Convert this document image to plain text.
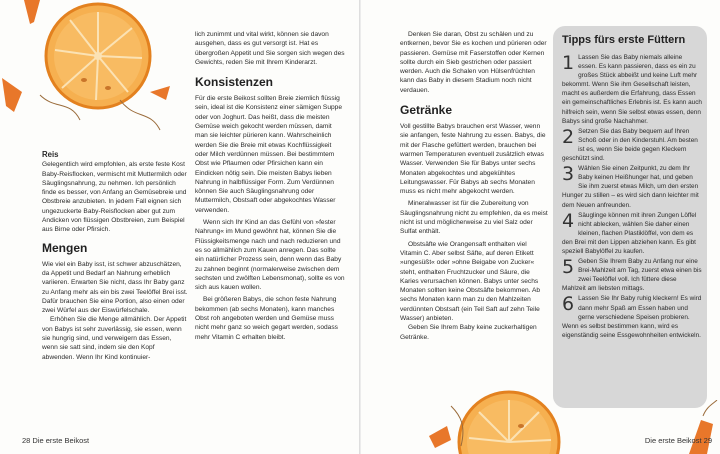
Reis

Gelegentlich wird empfohlen, als erste feste Kost Baby-Reisflocken, vermischt mit Muttermilch oder Säuglingsnahrung, zu nehmen. Ich persönlich finde es besser, von Anfang an Gemüsebreie und Obstbreie anzubieten. In jedem Fall eignen sich ungezuckerte Baby-Reisflocken aber gut zum Andicken von flüssigen Obstbreien, zum Beispiel aus Birne oder Pfirsich.

Mengen

Wie viel ein Baby isst, ist schwer abzuschätzen, da Appetit und Bedarf an Nahrung erheblich variieren. Erwarten Sie nicht, dass Ihr Baby ganz zu Anfang mehr als ein bis zwei Teelöffel Brei isst. Dafür brauchen Sie eine Portion, also einen oder zwei Würfel aus der Eiswürfelschale.

Erhöhen Sie die Menge allmählich. Der Appetit von Babys ist sehr zuverlässig, sie essen, wenn sie hungrig sind, und verweigern das Essen, wenn sie satt sind, indem sie den Kopf abwenden. Wenn Ihr Kind kontinuier-

lich zunimmt und vital wirkt, können sie davon ausgehen, dass es gut versorgt ist. Hat es übergroßen Appetit und Sie sorgen sich wegen des Gewichts, reden Sie mit Ihrem Kinderarzt.

Konsistenzen

Für die erste Beikost sollten Breie ziemlich flüssig sein, ideal ist die Konsistenz einer sämigen Suppe oder von Joghurt. Das heißt, dass die meisten Gemüse weich gekocht werden müssen, damit man sie leichter pürieren kann. Wahrscheinlich werden Sie die Breie mit etwas Kochflüssigkeit oder Milch verdünnen müssen. Bei bestimmtem Obst wie Pflaumen oder Pfirsichen kann ein Eindicken nötig sein. Die meisten Babys lieben Nahrung in halbflüssiger Form. Zum Verdünnen können Sie auch Säuglingsnahrung oder Muttermilch, Obstsaft oder abgekochtes Wasser verwenden.

Wenn sich Ihr Kind an das Gefühl von »fester Nahrung« im Mund gewöhnt hat, können Sie die Flüssigkeitsmenge nach und nach reduzieren und es so allmählich zum Kauen anregen. Das sollte ein natürlicher Prozess sein, denn wenn das Baby zu zahnen beginnt (normalerweise zwischen dem sechsten und zwölften Lebensmonat), sollte es von sich aus kauen wollen.

Bei größeren Babys, die schon feste Nahrung bekommen (ab sechs Monaten), kann manches Obst roh angeboten werden und Gemüse muss nicht mehr ganz so weich gegart werden, sodass mehr Vitamin C erhalten bleibt.

28 Die erste Beikost

Denken Sie daran, Obst zu schälen und zu entkernen, bevor Sie es kochen und pürieren oder passieren. Gemüse mit Faserstoffen oder Kernen sollte durch ein Sieb gestrichen oder passiert werden. Auch die Schalen von Hülsenfrüchten kann das Baby in diesem Stadium noch nicht verdauen.

Getränke

Voll gestillte Babys brauchen erst Wasser, wenn sie anfangen, feste Nahrung zu essen. Babys, die mit der Flasche gefüttert werden, brauchen bei warmen Temperaturen eventuell zusätzlich etwas Wasser. Verwenden Sie für Babys unter sechs Monaten abgekochtes und abgekühltes Leitungswasser. Für Babys ab sechs Monaten muss es nicht mehr abgekocht werden.

Mineralwasser ist für die Zubereitung von Säuglingsnahrung nicht zu empfehlen, da es meist nicht ist und möglicherweise zu viel Salz oder Sulfat enthält.

Obstsäfte wie Orangensaft enthalten viel Vitamin C. Aber selbst Säfte, auf deren Etikett »ungesüßt« oder »ohne Beigabe von Zucker« steht, enthalten Fruchtzucker und Säure, die Karies verursachen können. Babys unter sechs Monaten sollten keine Obstsäfte bekommen. Ab sechs Monaten kann man zu den Mahlzeiten verdünnten Obstsaft (ein Teil Saft auf zehn Teile Wasser) anbieten.

Geben Sie Ihrem Baby keine zuckerhaltigen Getränke.

Die erste Beikost 29
Tipps fürs erste Füttern
1 Lassen Sie das Baby niemals alleine essen. Es kann passieren, dass es ein zu großes Stück abbeißt und keine Luft mehr bekommt. Wenn Sie ihm Gesellschaft leisten, macht es außerdem die Erfahrung, dass Essen ein gemeinschaftliches Erlebnis ist. Es kann auch hilfreich sein, wenn Sie selbst etwas essen, denn Babys sind große Nachahmer.

2 Setzen Sie das Baby bequem auf Ihren Schoß oder in den Kinderstuhl. Am besten ist es, wenn Sie beide gegen Kleckern geschützt sind.

3 Wählen Sie einen Zeitpunkt, zu dem Ihr Baby keinen Heißhunger hat, und geben Sie ihm zuerst etwas Milch, um den ersten Hunger zu stillen – es wird sich dann leichter mit dem Neuen anfreunden.

4 Säuglinge können mit ihren Zungen Löffel nicht ablecken, wählen Sie daher einen kleinen, flachen Plastiklöffel, von dem es den Brei mit den Lippen abziehen kann. Es gibt speziell Babylöffel zu kaufen.

5 Geben Sie Ihrem Baby zu Anfang nur eine Brei-Mahlzeit am Tag, zuerst etwa einen bis zwei Teelöffel voll. Ich füttere diese Mahlzeit am liebsten mittags.

6 Lassen Sie Ihr Baby ruhig kleckern! Es wird dann mehr Spaß am Essen haben und gerne verschiedene Speisen probieren. Wenn es selbst bestimmen kann, wird es eigenständig seine Essgewohnheiten entwickeln.
